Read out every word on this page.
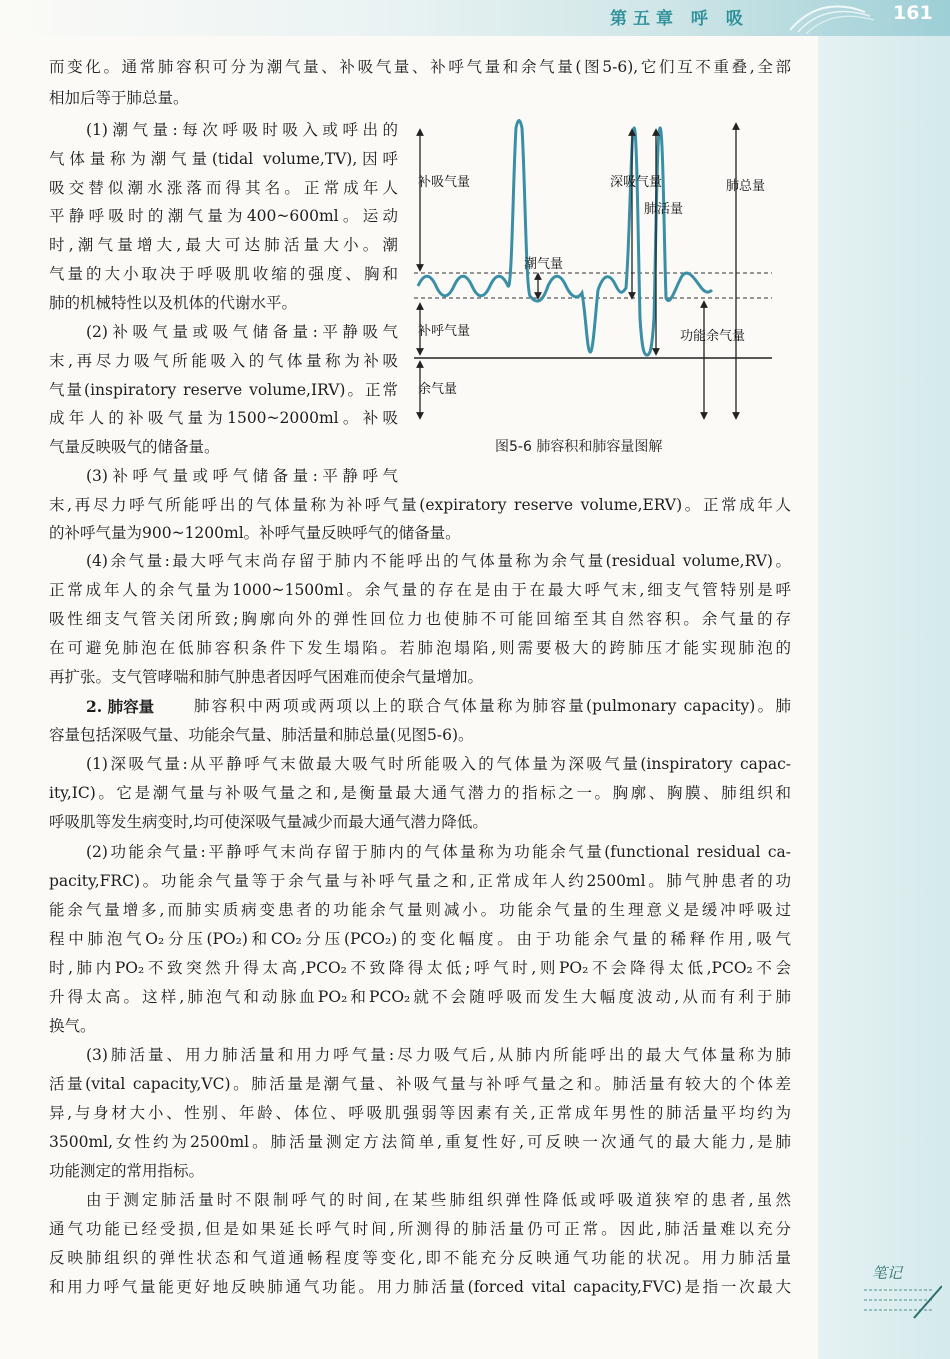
第五章 呼 吸	161

而变化。通常肺容积可分为潮气量、补吸气量、补呼气量和余气量(图5-6),它们互不重叠,全部

相加后等于肺总量。

(1)潮气量:每次呼吸时吸入或呼出的

气体量称为潮气量(tidal volume,TV),因呼

吸交替似潮水涨落而得其名。正常成年人

平静呼吸时的潮气量为400~600ml。运动

时,潮气量增大,最大可达肺活量大小。潮

气量的大小取决于呼吸肌收缩的强度、胸和

肺的机械特性以及机体的代谢水平。

(2)补吸气量或吸气储备量:平静吸气

末,再尽力吸气所能吸入的气体量称为补吸

气量(inspiratory reserve volume,IRV)。正常

成年人的补吸气量为1500~2000ml。补吸

气量反映吸气的储备量。

(3)补呼气量或呼气储备量:平静呼气

末,再尽力呼气所能呼出的气体量称为补呼气量(expiratory reserve volume,ERV)。正常成年人

的补呼气量为900~1200ml。补呼气量反映呼气的储备量。

(4)余气量:最大呼气末尚存留于肺内不能呼出的气体量称为余气量(residual volume,RV)。

正常成年人的余气量为1000~1500ml。余气量的存在是由于在最大呼气末,细支气管特别是呼

吸性细支气管关闭所致;胸廓向外的弹性回位力也使肺不可能回缩至其自然容积。余气量的存

在可避免肺泡在低肺容积条件下发生塌陷。若肺泡塌陷,则需要极大的跨肺压才能实现肺泡的

再扩张。支气管哮喘和肺气肿患者因呼气困难而使余气量增加。

2. 肺容量	肺容积中两项或两项以上的联合气体量称为肺容量(pulmonary capacity)。肺

容量包括深吸气量、功能余气量、肺活量和肺总量(见图5-6)。

(1)深吸气量:从平静呼气末做最大吸气时所能吸入的气体量为深吸气量(inspiratory capac-

ity,IC)。它是潮气量与补吸气量之和,是衡量最大通气潜力的指标之一。胸廓、胸膜、肺组织和

呼吸肌等发生病变时,均可使深吸气量减少而最大通气潜力降低。

(2)功能余气量:平静呼气末尚存留于肺内的气体量称为功能余气量(functional residual ca-

pacity,FRC)。功能余气量等于余气量与补呼气量之和,正常成年人约2500ml。肺气肿患者的功

能余气量增多,而肺实质病变患者的功能余气量则减小。功能余气量的生理意义是缓冲呼吸过

程中肺泡气O₂分压(PO₂)和CO₂分压(PCO₂)的变化幅度。由于功能余气量的稀释作用,吸气

时,肺内PO₂不致突然升得太高,PCO₂不致降得太低;呼气时,则PO₂不会降得太低,PCO₂不会

升得太高。这样,肺泡气和动脉血PO₂和PCO₂就不会随呼吸而发生大幅度波动,从而有利于肺

换气。

(3)肺活量、用力肺活量和用力呼气量:尽力吸气后,从肺内所能呼出的最大气体量称为肺

活量(vital capacity,VC)。肺活量是潮气量、补吸气量与补呼气量之和。肺活量有较大的个体差

异,与身材大小、性别、年龄、体位、呼吸肌强弱等因素有关,正常成年男性的肺活量平均约为

3500ml,女性约为2500ml。肺活量测定方法简单,重复性好,可反映一次通气的最大能力,是肺

功能测定的常用指标。

由于测定肺活量时不限制呼气的时间,在某些肺组织弹性降低或呼吸道狭窄的患者,虽然

通气功能已经受损,但是如果延长呼气时间,所测得的肺活量仍可正常。因此,肺活量难以充分

反映肺组织的弹性状态和气道通畅程度等变化,即不能充分反映通气功能的状况。用力肺活量

和用力呼气量能更好地反映肺通气功能。用力肺活量(forced vital capacity,FVC)是指一次最大

补吸气量
潮气量
补呼气量
余气量
深吸气量
肺活量
肺总量
功能余气量
图5-6 肺容积和肺容量图解
笔记
